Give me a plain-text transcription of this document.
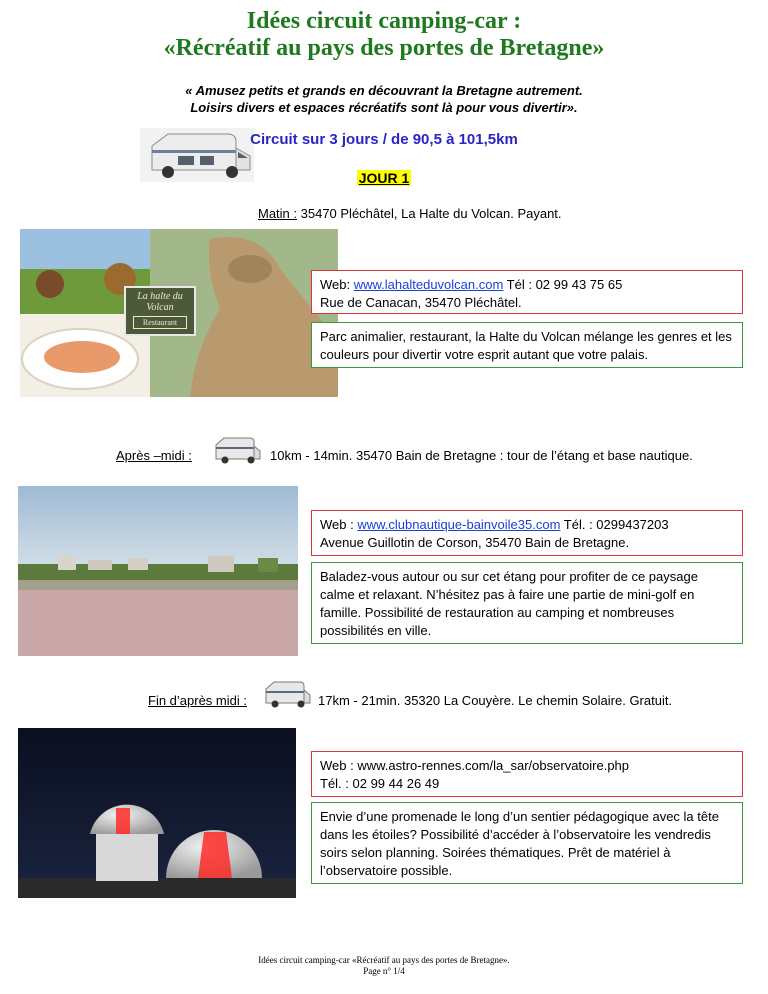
Idées circuit camping-car :
«Récréatif au pays des portes de Bretagne»
« Amusez petits et grands en découvrant la Bretagne autrement.
Loisirs divers et espaces récréatifs sont là pour vous divertir».
Circuit sur 3 jours / de 90,5 à 101,5km
JOUR 1
Matin : 35470 Pléchâtel, La Halte du Volcan. Payant.
La halte du Volcan
Restaurant
Web: www.lahalteduvolcan.com Tél : 02 99 43 75 65
Rue de Canacan, 35470 Pléchâtel.
Parc animalier, restaurant, la Halte du Volcan mélange les genres et les couleurs pour divertir votre esprit autant que votre palais.
Après –midi :	10km - 14min. 35470 Bain de Bretagne : tour de l’étang et base nautique.
Web : www.clubnautique-bainvoile35.com Tél. : 0299437203
Avenue Guillotin de Corson, 35470 Bain de Bretagne.
Baladez-vous autour ou sur cet étang pour profiter de ce paysage calme et relaxant. N’hésitez pas à faire une partie de mini-golf en famille. Possibilité de restauration au camping et nombreuses possibilités en ville.
Fin d’après midi :	17km - 21min. 35320 La Couyère. Le chemin Solaire. Gratuit.
Web : www.astro-rennes.com/la_sar/observatoire.php
Tél. : 02 99 44 26 49
Envie d’une promenade le long d’un sentier pédagogique avec la tête dans les étoiles? Possibilité d’accéder à l’observatoire les vendredis soirs selon planning. Soirées thématiques. Prêt de matériel à l’observatoire possible.
Idées circuit camping-car «Récréatif au pays des portes de Bretagne».
Page n° 1/4
